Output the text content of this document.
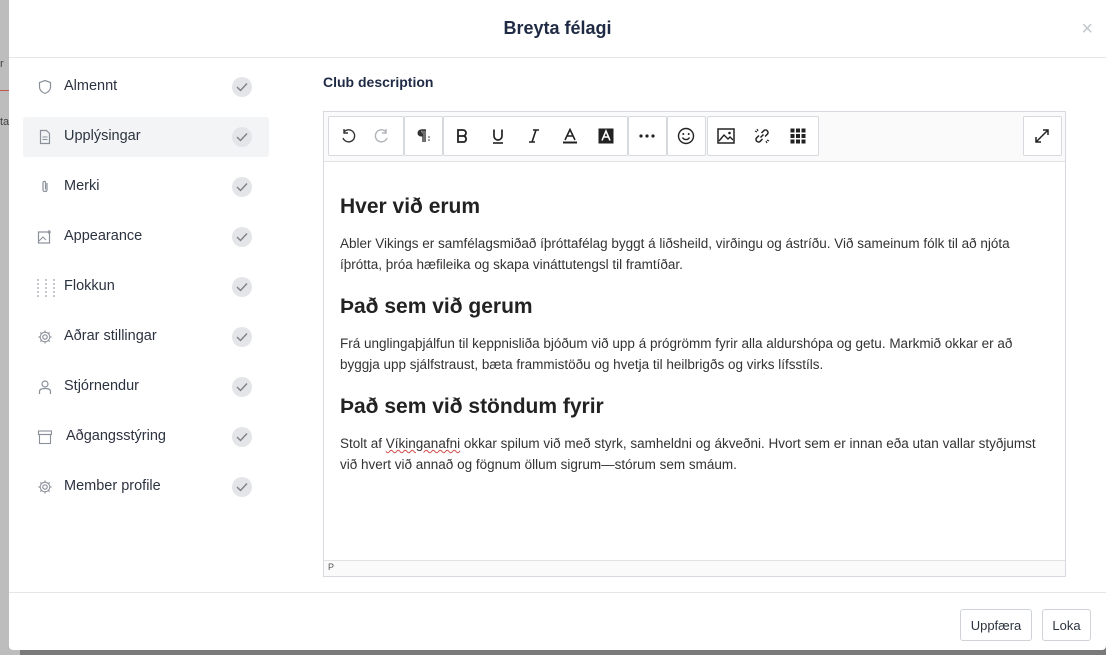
r
ta
Breyta félagi	×
Almennt
Upplýsingar
Merki
Appearance
Flokkun
Aðrar stillingar
Stjórnendur
Aðgangsstýring
Member profile
Club description
Hver við erum

Abler Vikings er samfélagsmiðað íþróttafélag byggt á liðsheild, virðingu og ástríðu. Við sameinum fólk til að njóta íþrótta, þróa hæfileika og skapa vináttutengsl til framtíðar.

Það sem við gerum

Frá unglingaþjálfun til keppnisliða bjóðum við upp á prógrömm fyrir alla aldurshópa og getu. Markmið okkar er að byggja upp sjálfstraust, bæta frammistöðu og hvetja til heilbrigðs og virks lífsstíls.

Það sem við stöndum fyrir

Stolt af Víkinganafni okkar spilum við með styrk, samheldni og ákveðni. Hvort sem er innan eða utan vallar styðjumst við hvert við annað og fögnum öllum sigrum—stórum sem smáum.

P
Uppfæra	Loka
